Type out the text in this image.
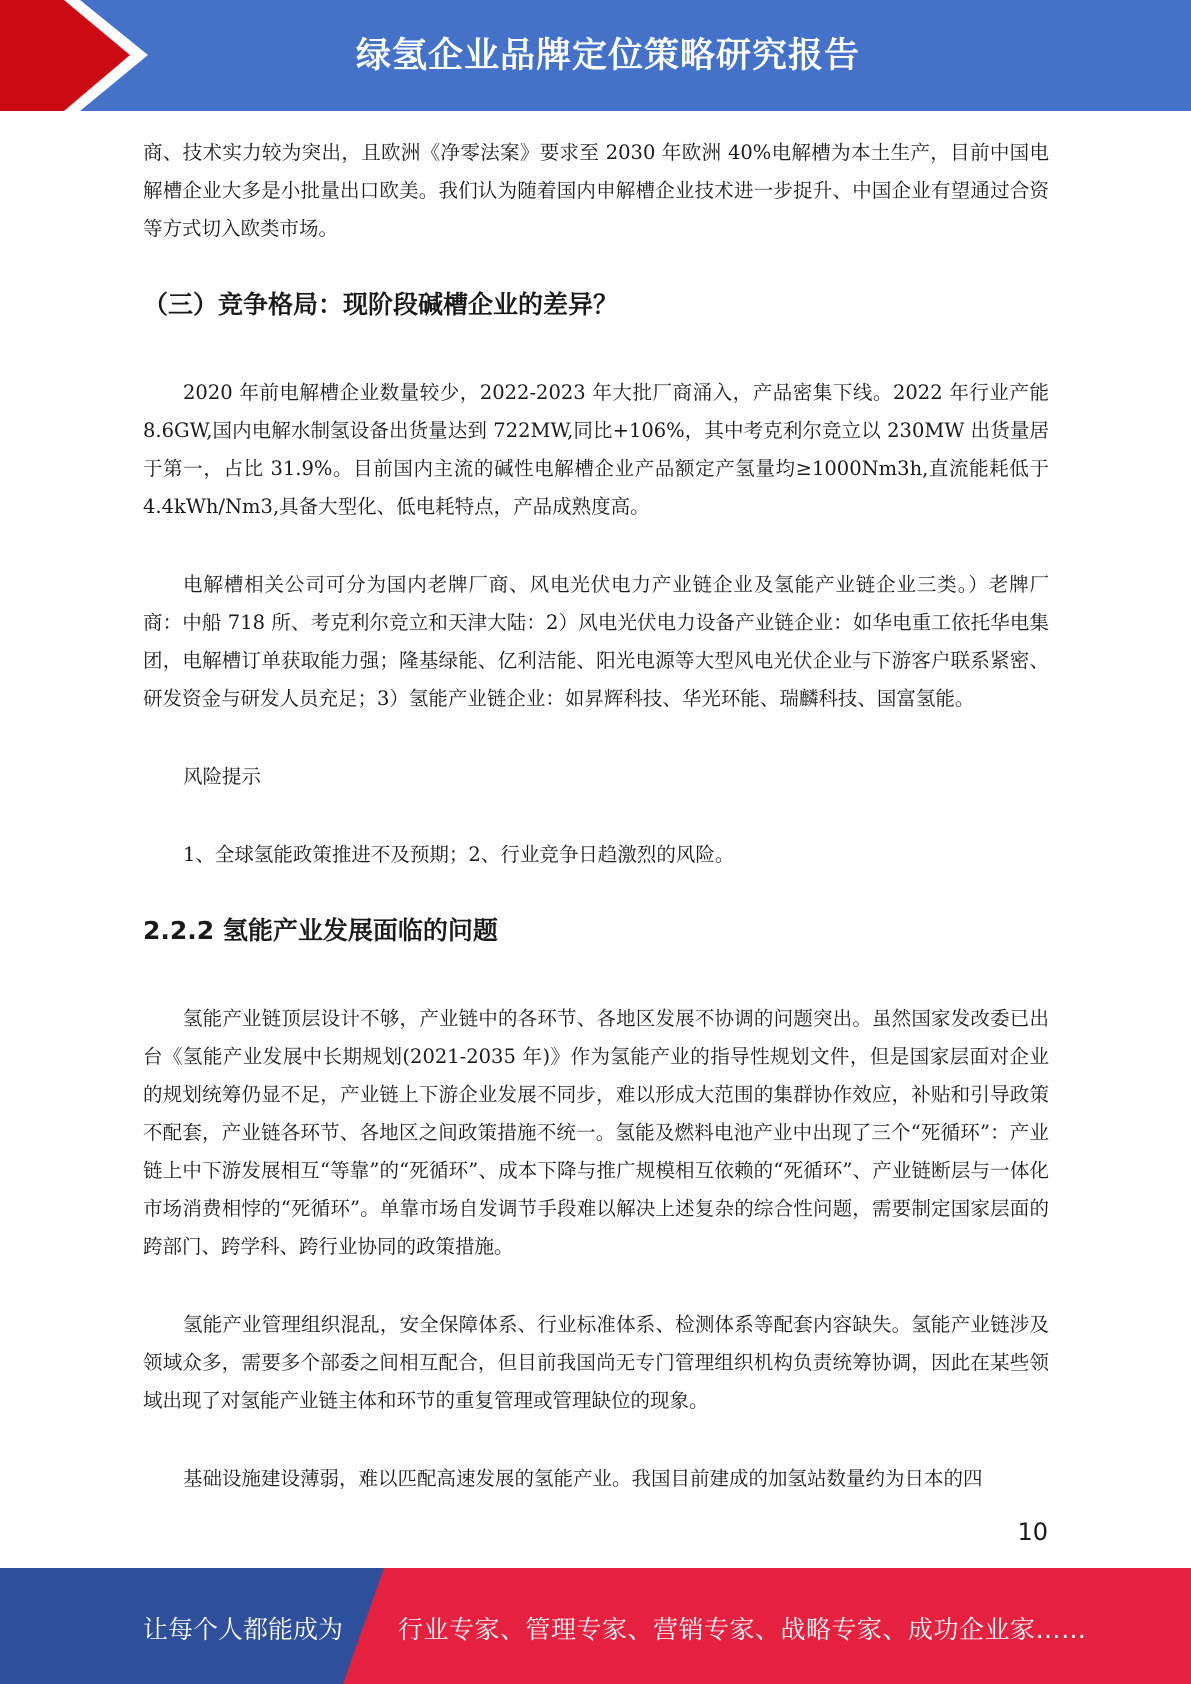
绿氢企业品牌定位策略研究报告

商、技术实力较为突出，且欧洲《净零法案》要求至 2030 年欧洲 40%电解槽为本土生产，目前中国电解槽企业大多是小批量出口欧美。我们认为随着国内申解槽企业技术进一步捉升、中国企业有望通过合资等方式切入欧类市场。

（三）竞争格局：现阶段碱槽企业的差异？

2020 年前电解槽企业数量较少，2022-2023 年大批厂商涌入，产品密集下线。2022 年行业产能 8.6GW,国内电解水制氢设备出货量达到 722MW,同比+106%，其中考克利尔竞立以 230MW 出货量居于第一，占比 31.9%。目前国内主流的碱性电解槽企业产品额定产氢量均≥1000Nm3h,直流能耗低于 4.4kWh/Nm3,具备大型化、低电耗特点，产品成熟度高。

电解槽相关公司可分为国内老牌厂商、风电光伏电力产业链企业及氢能产业链企业三类。）老牌厂商：中船 718 所、考克利尔竞立和天津大陆：2）风电光伏电力设备产业链企业：如华电重工依托华电集团，电解槽订单获取能力强；隆基绿能、亿利洁能、阳光电源等大型风电光伏企业与下游客户联系紧密、研发资金与研发人员充足；3）氢能产业链企业：如昇辉科技、华光环能、瑞麟科技、国富氢能。

风险提示

1、全球氢能政策推进不及预期；2、行业竞争日趋激烈的风险。

2.2.2 氢能产业发展面临的问题

氢能产业链顶层设计不够，产业链中的各环节、各地区发展不协调的问题突出。虽然国家发改委已出台《氢能产业发展中长期规划(2021-2035 年)》作为氢能产业的指导性规划文件，但是国家层面对企业的规划统筹仍显不足，产业链上下游企业发展不同步，难以形成大范围的集群协作效应，补贴和引导政策不配套，产业链各环节、各地区之间政策措施不统一。氢能及燃料电池产业中出现了三个“死循环”：产业链上中下游发展相互“等靠”的“死循环”、成本下降与推广规模相互依赖的“死循环”、产业链断层与一体化市场消费相悖的“死循环”。单靠市场自发调节手段难以解决上述复杂的综合性问题，需要制定国家层面的跨部门、跨学科、跨行业协同的政策措施。

氢能产业管理组织混乱，安全保障体系、行业标准体系、检测体系等配套内容缺失。氢能产业链涉及领域众多，需要多个部委之间相互配合，但目前我国尚无专门管理组织机构负责统筹协调，因此在某些领域出现了对氢能产业链主体和环节的重复管理或管理缺位的现象。

基础设施建设薄弱，难以匹配高速发展的氢能产业。我国目前建成的加氢站数量约为日本的四

10
让每个人都能成为 行业专家、管理专家、营销专家、战略专家、成功企业家……
